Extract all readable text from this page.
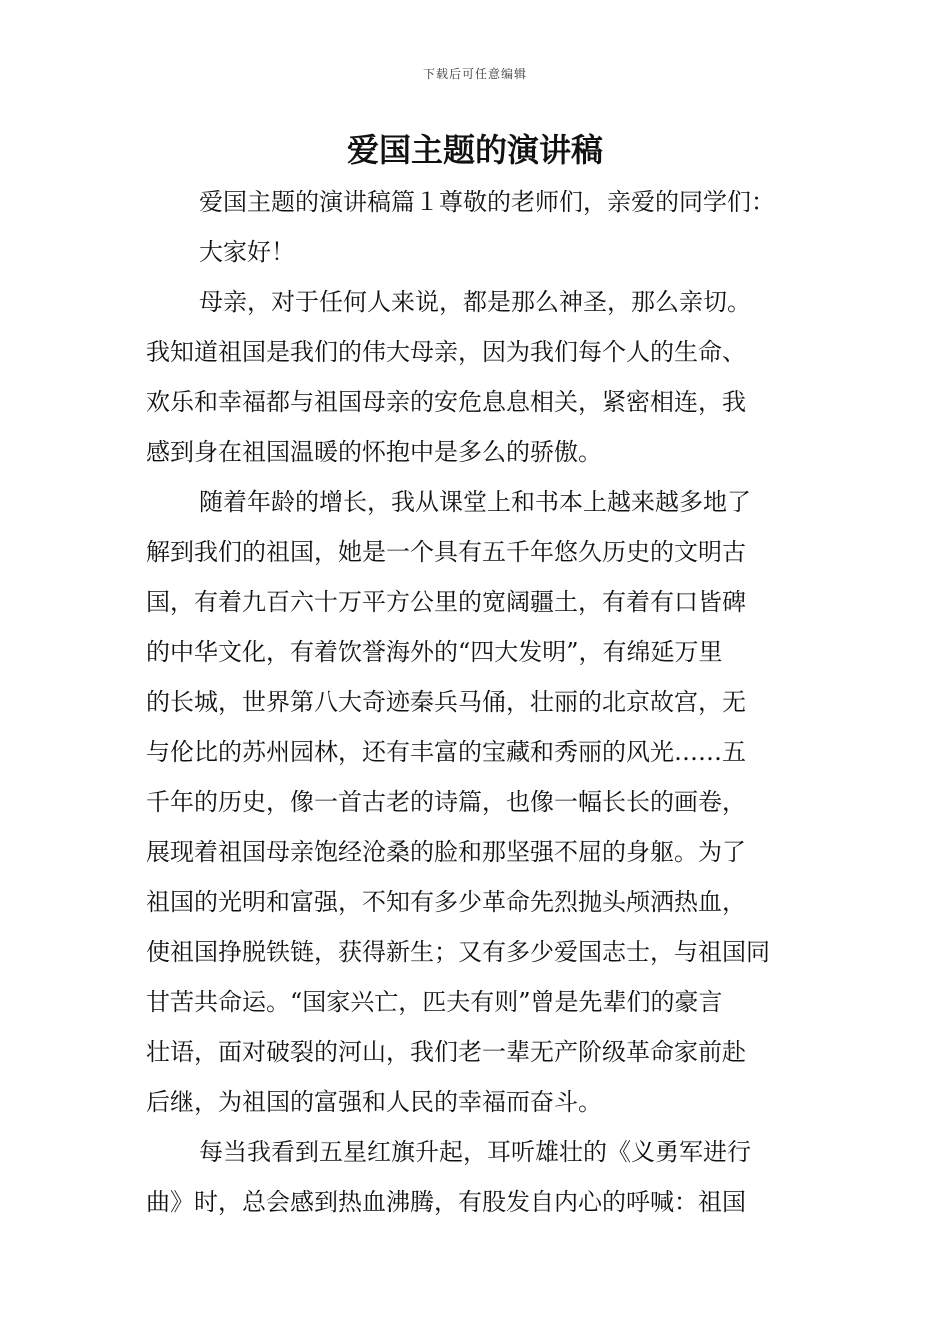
下载后可任意编辑
爱国主题的演讲稿
爱国主题的演讲稿篇１尊敬的老师们，亲爱的同学们：
大家好！
母亲，对于任何人来说，都是那么神圣，那么亲切。
我知道祖国是我们的伟大母亲，因为我们每个人的生命、
欢乐和幸福都与祖国母亲的安危息息相关，紧密相连，我
感到身在祖国温暖的怀抱中是多么的骄傲。
随着年龄的增长，我从课堂上和书本上越来越多地了
解到我们的祖国，她是一个具有五千年悠久历史的文明古
国，有着九百六十万平方公里的宽阔疆土，有着有口皆碑
的中华文化，有着饮誉海外的“四大发明”，有绵延万里
的长城，世界第八大奇迹秦兵马俑，壮丽的北京故宫，无
与伦比的苏州园林，还有丰富的宝藏和秀丽的风光……五
千年的历史，像一首古老的诗篇，也像一幅长长的画卷，
展现着祖国母亲饱经沧桑的脸和那坚强不屈的身躯。为了
祖国的光明和富强，不知有多少革命先烈抛头颅洒热血，
使祖国挣脱铁链，获得新生；又有多少爱国志士，与祖国同
甘苦共命运。“国家兴亡，匹夫有则”曾是先辈们的豪言
壮语，面对破裂的河山，我们老一辈无产阶级革命家前赴
后继，为祖国的富强和人民的幸福而奋斗。
每当我看到五星红旗升起，耳听雄壮的《义勇军进行
曲》时，总会感到热血沸腾，有股发自内心的呼喊：祖国
